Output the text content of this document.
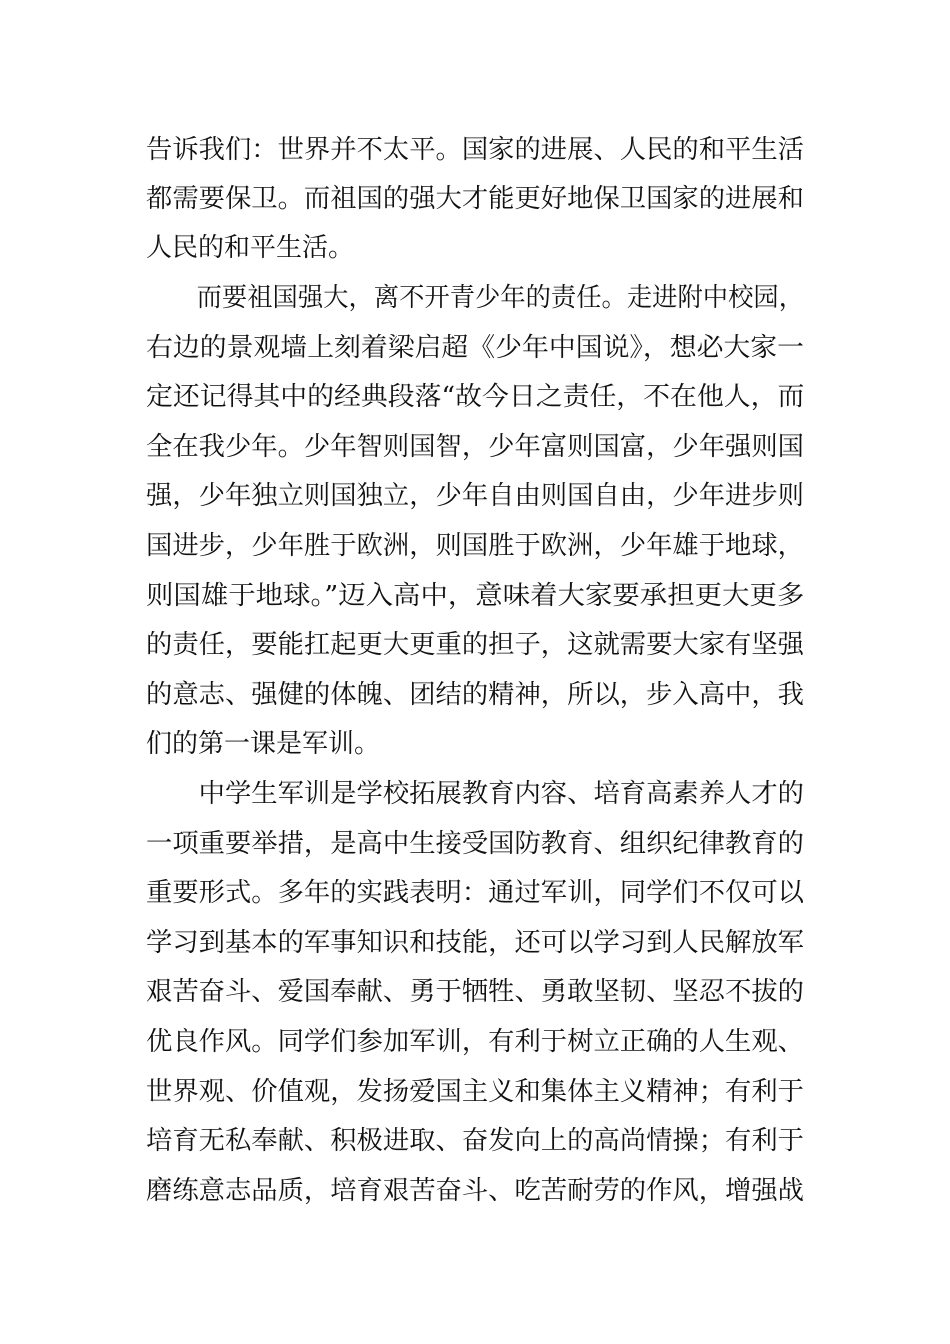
告诉我们：世界并不太平。国家的进展、人民的和平生活
都需要保卫。而祖国的强大才能更好地保卫国家的进展和
人民的和平生活。
　　而要祖国强大，离不开青少年的责任。走进附中校园，
右边的景观墙上刻着梁启超《少年中国说》，想必大家一
定还记得其中的经典段落“故今日之责任，不在他人，而
全在我少年。少年智则国智，少年富则国富，少年强则国
强，少年独立则国独立，少年自由则国自由，少年进步则
国进步，少年胜于欧洲，则国胜于欧洲，少年雄于地球，
则国雄于地球。”迈入高中，意味着大家要承担更大更多
的责任，要能扛起更大更重的担子，这就需要大家有坚强
的意志、强健的体魄、团结的精神，所以，步入高中，我
们的第一课是军训。
　　中学生军训是学校拓展教育内容、培育高素养人才的
一项重要举措，是高中生接受国防教育、组织纪律教育的
重要形式。多年的实践表明：通过军训，同学们不仅可以
学习到基本的军事知识和技能，还可以学习到人民解放军
艰苦奋斗、爱国奉献、勇于牺牲、勇敢坚韧、坚忍不拔的
优良作风。同学们参加军训，有利于树立正确的人生观、
世界观、价值观，发扬爱国主义和集体主义精神；有利于
培育无私奉献、积极进取、奋发向上的高尚情操；有利于
磨练意志品质，培育艰苦奋斗、吃苦耐劳的作风，增强战
